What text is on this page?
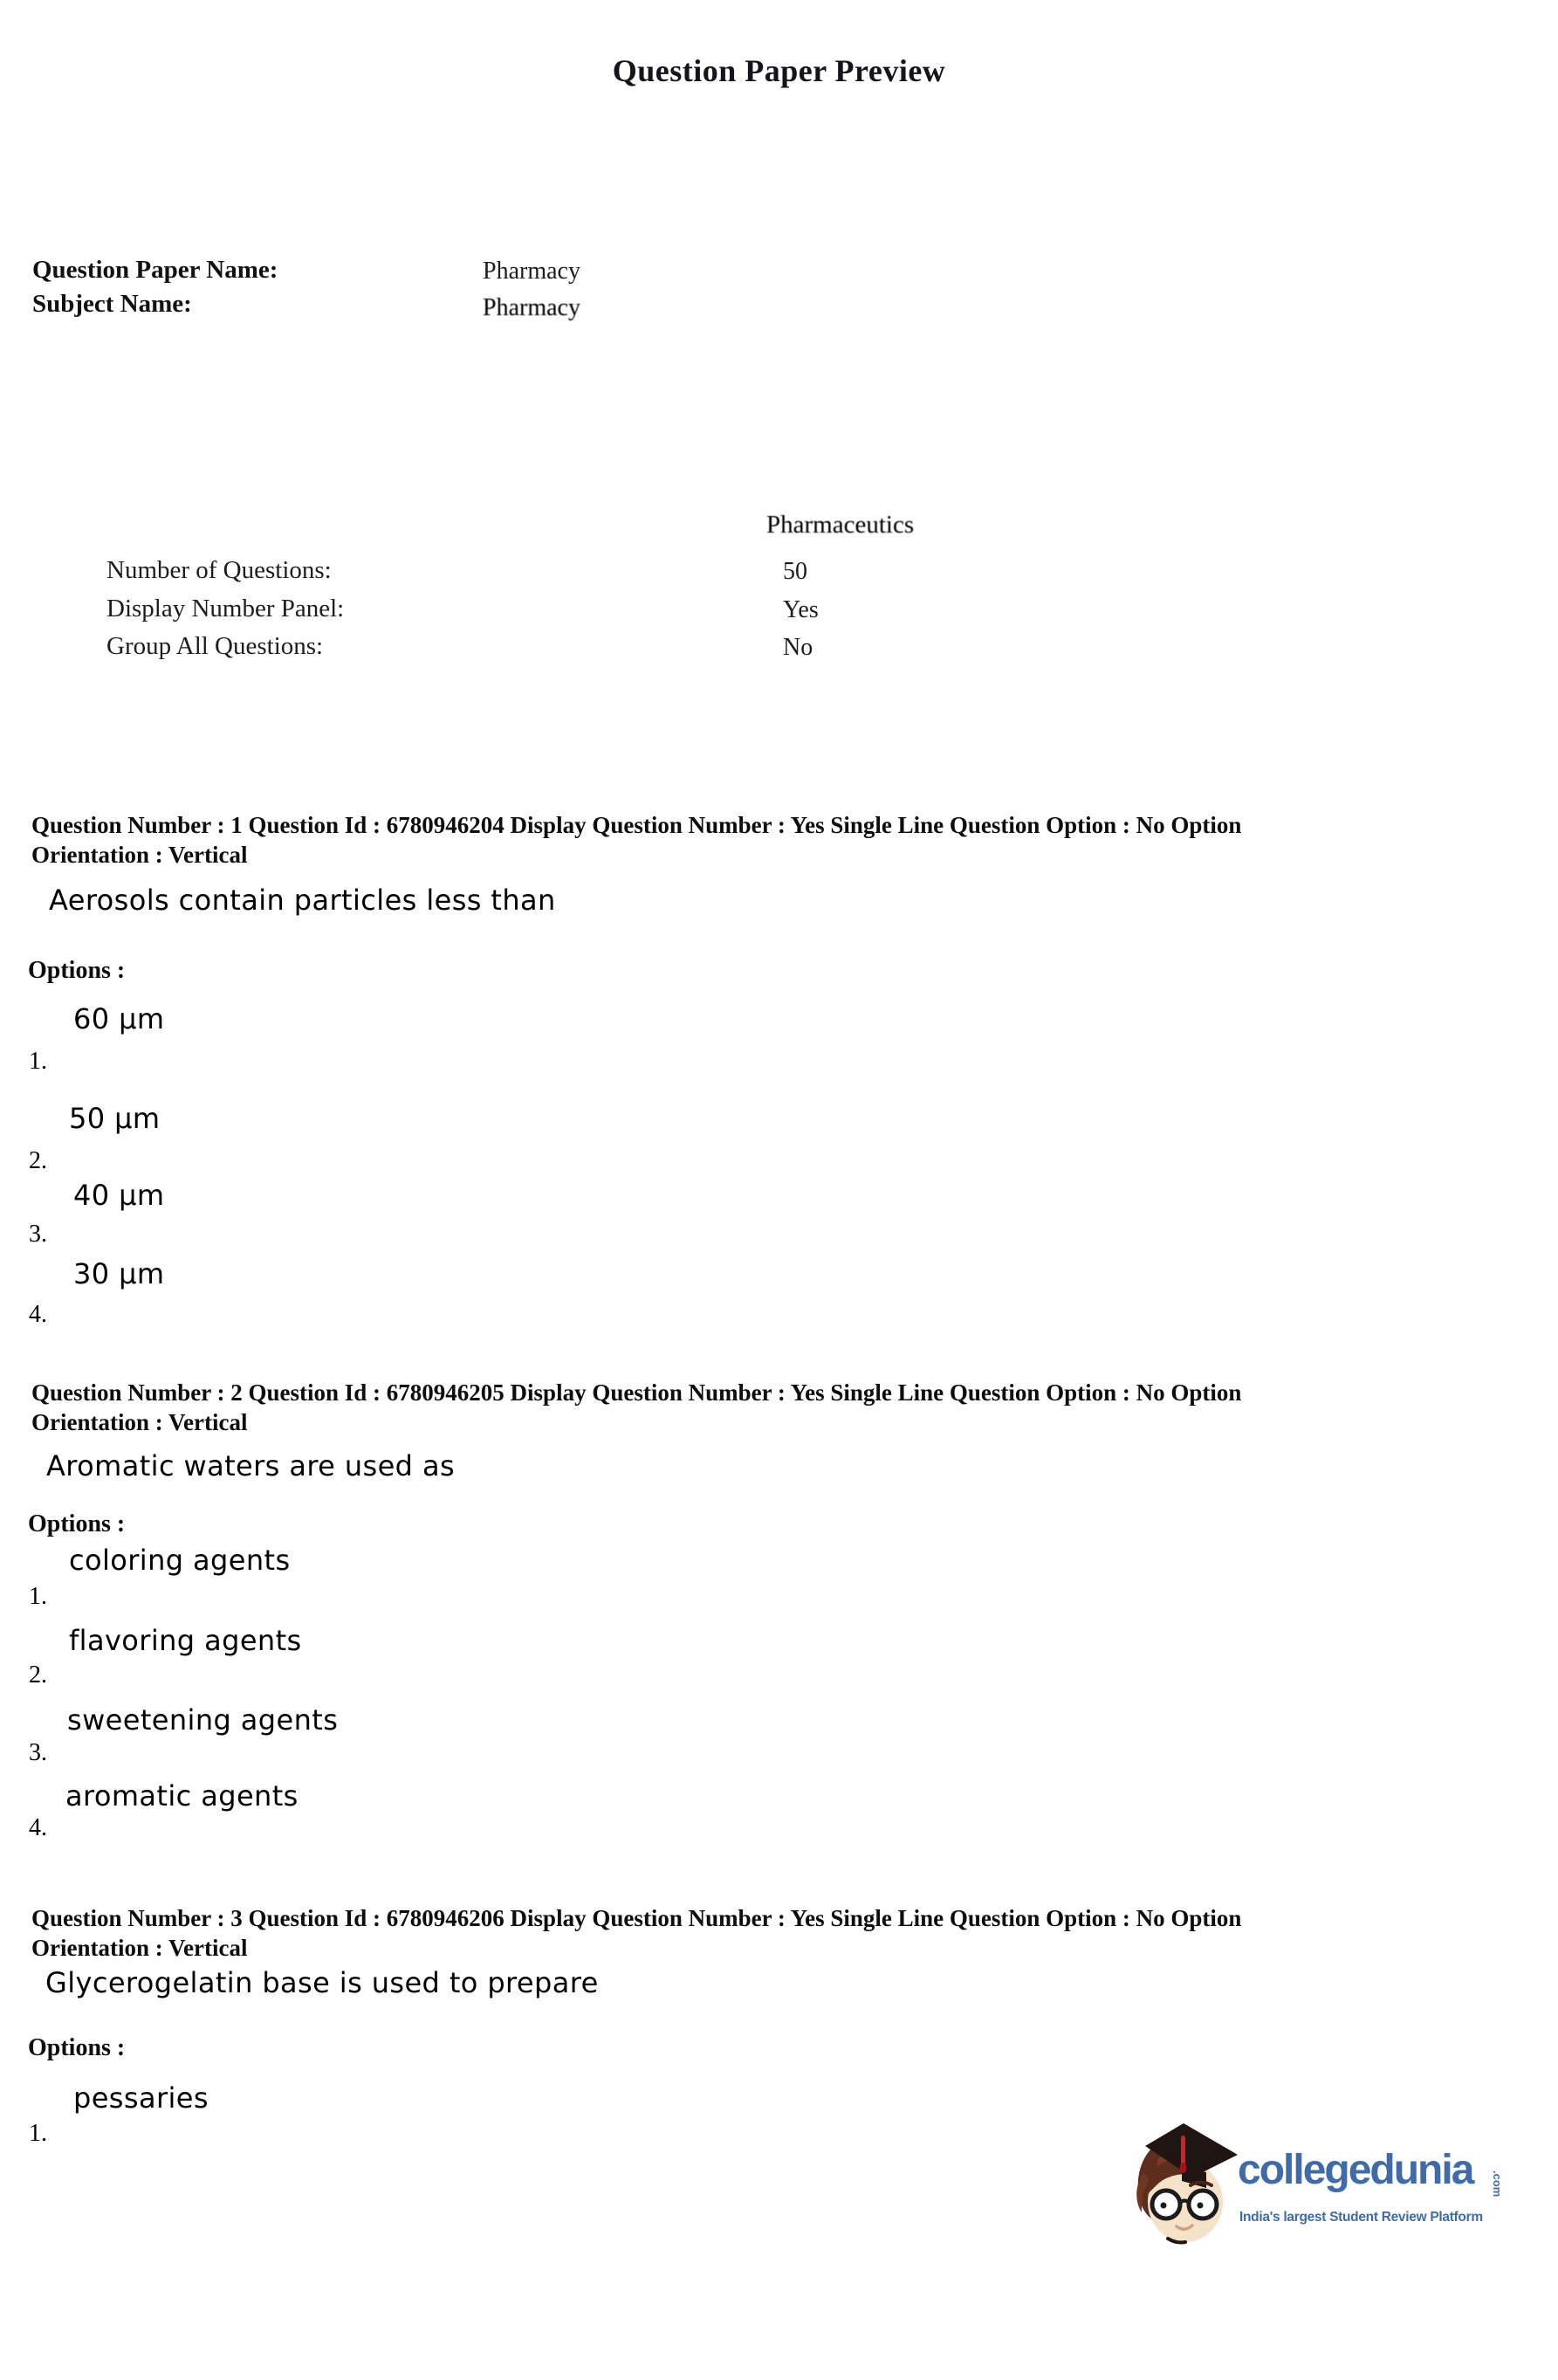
Question Paper Preview
Question Paper Name:	Pharmacy
Subject Name:	Pharmacy
Pharmaceutics
Number of Questions:	50
Display Number Panel:	Yes
Group All Questions:	No
Question Number : 1 Question Id : 6780946204 Display Question Number : Yes Single Line Question Option : No Option
Orientation : Vertical
Aerosols contain particles less than
Options :
60 μm
1.
50 μm
2.
40 μm
3.
30 μm
4.
Question Number : 2 Question Id : 6780946205 Display Question Number : Yes Single Line Question Option : No Option
Orientation : Vertical
Aromatic waters are used as
Options :
coloring agents
1.
flavoring agents
2.
sweetening agents
3.
aromatic agents
4.
Question Number : 3 Question Id : 6780946206 Display Question Number : Yes Single Line Question Option : No Option
Orientation : Vertical
Glycerogelatin base is used to prepare
Options :
pessaries
1.
collegedunia .com
India's largest Student Review Platform
